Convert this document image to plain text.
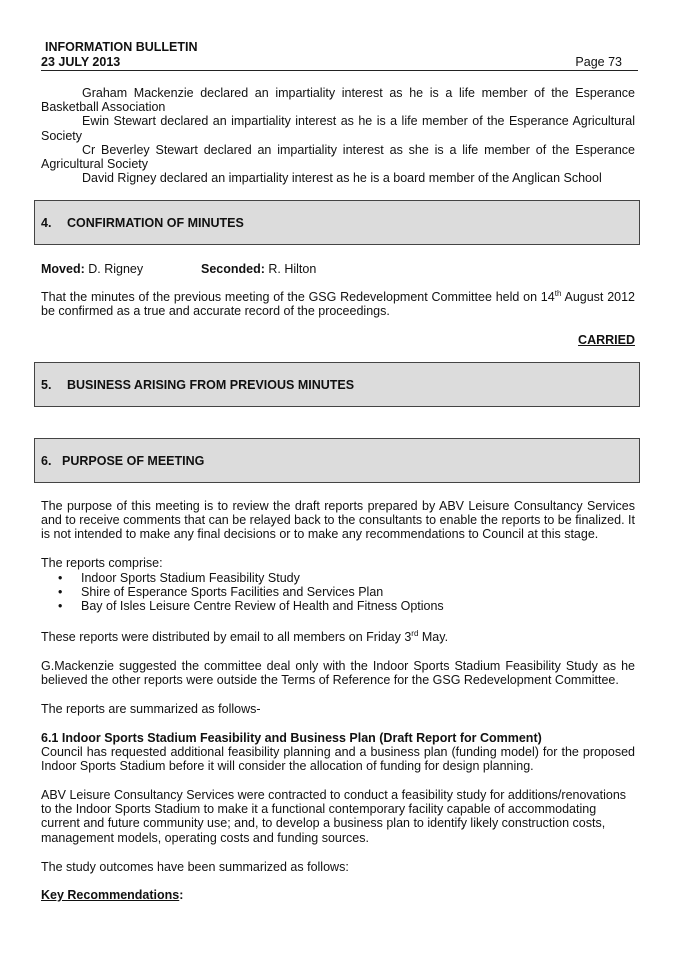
INFORMATION BULLETIN
23 JULY 2013	Page 73
Graham Mackenzie declared an impartiality interest as he is a life member of the Esperance Basketball Association
Ewin Stewart declared an impartiality interest as he is a life member of the Esperance Agricultural Society
Cr Beverley Stewart declared an impartiality interest as she is a life member of the Esperance Agricultural Society
David Rigney declared an impartiality interest as he is a board member of the Anglican School
4. CONFIRMATION OF MINUTES
Moved: D. Rigney	Seconded: R. Hilton
That the minutes of the previous meeting of the GSG Redevelopment Committee held on 14th August 2012 be confirmed as a true and accurate record of the proceedings.
CARRIED
5. BUSINESS ARISING FROM PREVIOUS MINUTES
6. PURPOSE OF MEETING
The purpose of this meeting is to review the draft reports prepared by ABV Leisure Consultancy Services and to receive comments that can be relayed back to the consultants to enable the reports to be finalized. It is not intended to make any final decisions or to make any recommendations to Council at this stage.
The reports comprise:
• Indoor Sports Stadium Feasibility Study
• Shire of Esperance Sports Facilities and Services Plan
• Bay of Isles Leisure Centre Review of Health and Fitness Options
These reports were distributed by email to all members on Friday 3rd May.
G.Mackenzie suggested the committee deal only with the Indoor Sports Stadium Feasibility Study as he believed the other reports were outside the Terms of Reference for the GSG Redevelopment Committee.
The reports are summarized as follows-
6.1 Indoor Sports Stadium Feasibility and Business Plan (Draft Report for Comment)
Council has requested additional feasibility planning and a business plan (funding model) for the proposed Indoor Sports Stadium before it will consider the allocation of funding for design planning.
ABV Leisure Consultancy Services were contracted to conduct a feasibility study for additions/renovations to the Indoor Sports Stadium to make it a functional contemporary facility capable of accommodating current and future community use; and, to develop a business plan to identify likely construction costs, management models, operating costs and funding sources.
The study outcomes have been summarized as follows:
Key Recommendations:
